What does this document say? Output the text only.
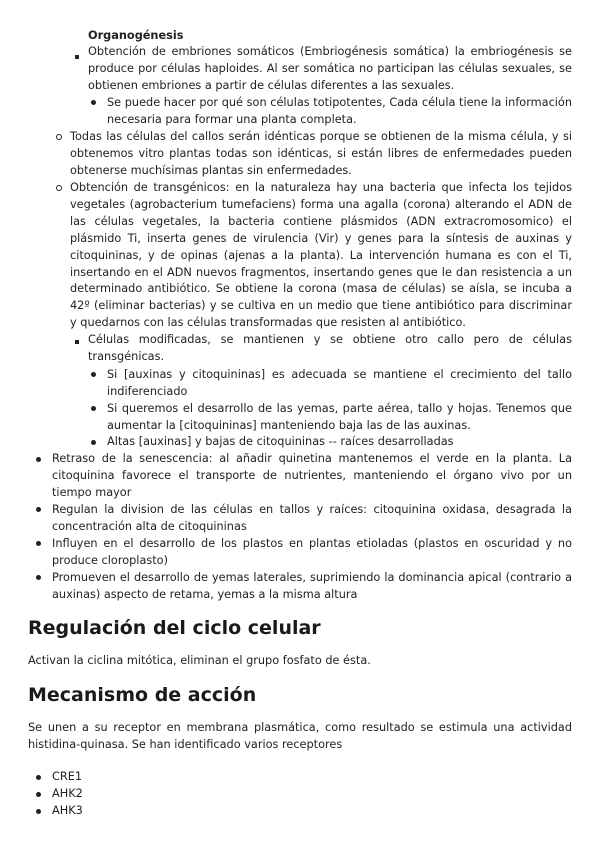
Organogénesis

Obtención de embriones somáticos (Embriogénesis somática) la embriogénesis se produce por células haploides. Al ser somática no participan las células sexuales, se obtienen embriones a partir de células diferentes a las sexuales.

Se puede hacer por qué son células totipotentes, Cada célula tiene la información necesaria para formar una planta completa.

Todas las células del callos serán idénticas porque se obtienen de la misma célula, y si obtenemos vitro plantas todas son idénticas, si están libres de enfermedades pueden obtenerse muchísimas plantas sin enfermedades.

Obtención de transgénicos: en la naturaleza hay una bacteria que infecta los tejidos vegetales (agrobacterium tumefaciens) forma una agalla (corona) alterando el ADN de las células vegetales, la bacteria contiene plásmidos (ADN extracromosomico) el plásmido Ti, inserta genes de virulencia (Vir) y genes para la síntesis de auxinas y citoquininas, y de opinas (ajenas a la planta). La intervención humana es con el Ti, insertando en el ADN nuevos fragmentos, insertando genes que le dan resistencia a un determinado antibiótico. Se obtiene la corona (masa de células) se aísla, se incuba a 42º (eliminar bacterias) y se cultiva en un medio que tiene antibiótico para discriminar y quedarnos con las células transformadas que resisten al antibiótico.

Células modificadas, se mantienen y se obtiene otro callo pero de células transgénicas.

Si [auxinas y citoquininas] es adecuada se mantiene el crecimiento del tallo indiferenciado

Si queremos el desarrollo de las yemas, parte aérea, tallo y hojas. Tenemos que aumentar la [citoquininas] manteniendo baja las de las auxinas.

Altas [auxinas] y bajas de citoquininas -- raíces desarrolladas

Retraso de la senescencia: al añadir quinetina mantenemos el verde en la planta. La citoquinina favorece el transporte de nutrientes, manteniendo el órgano vivo por un tiempo mayor

Regulan la division de las células en tallos y raíces: citoquinina oxidasa, desagrada la concentración alta de citoquininas

Influyen en el desarrollo de los plastos en plantas etioladas (plastos en oscuridad y no produce cloroplasto)

Promueven el desarrollo de yemas laterales, suprimiendo la dominancia apical (contrario a auxinas) aspecto de retama, yemas a la misma altura

Regulación del ciclo celular

Activan la ciclina mitótica, eliminan el grupo fosfato de ésta.

Mecanismo de acción

Se unen a su receptor en membrana plasmática, como resultado se estimula una actividad histidina-quinasa. Se han identificado varios receptores

CRE1

AHK2

AHK3
